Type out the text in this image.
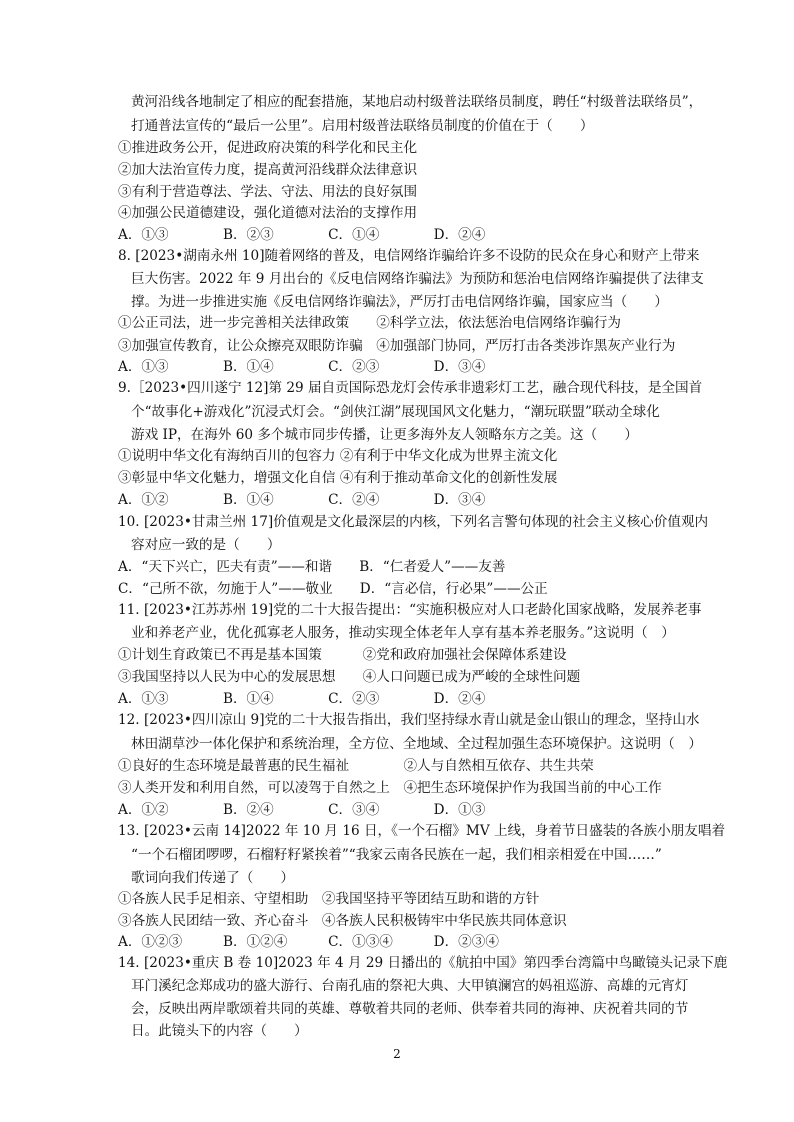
黄河沿线各地制定了相应的配套措施，某地启动村级普法联络员制度，聘任“村级普法联络员”，
打通普法宣传的“最后一公里”。启用村级普法联络员制度的价值在于（　　）
①推进政务公开，促进政府决策的科学化和民主化
②加大法治宣传力度，提高黄河沿线群众法律意识
③有利于营造尊法、学法、守法、用法的良好氛围
④加强公民道德建设，强化道德对法治的支撑作用
A．①③　　　　B．②③　　　　C．①④　　　　D．②④
8. [2023•湖南永州 10]随着网络的普及，电信网络诈骗给许多不设防的民众在身心和财产上带来
巨大伤害。2022 年 9 月出台的《反电信网络诈骗法》为预防和惩治电信网络诈骗提供了法律支
撑。为进一步推进实施《反电信网络诈骗法》，严厉打击电信网络诈骗，国家应当（　　）
①公正司法，进一步完善相关法律政策　　②科学立法，依法惩治电信网络诈骗行为
③加强宣传教育，让公众擦亮双眼防诈骗　④加强部门协同，严厉打击各类涉诈黑灰产业行为
A．①③　　　　B．①④　　　　C．②③　　　　D．③④
9.［2023•四川遂宁 12]第 29 届自贡国际恐龙灯会传承非遗彩灯工艺，融合现代科技，是全国首
个“故事化+游戏化”沉浸式灯会。“剑侠江湖”展现国风文化魅力，“潮玩联盟”联动全球化
游戏 IP，在海外 60 多个城市同步传播，让更多海外友人领略东方之美。这（　　）
①说明中华文化有海纳百川的包容力 ②有利于中华文化成为世界主流文化
③彰显中华文化魅力，增强文化自信 ④有利于推动革命文化的创新性发展
A．①②　　　　B．①④　　　　C．②④　　　　D．③④
10. [2023•甘肃兰州 17]价值观是文化最深层的内核，下列名言警句体现的社会主义核心价值观内
容对应一致的是（　　）
A．“天下兴亡，匹夫有责”——和谐　　B．“仁者爱人”——友善
C．“己所不欲，勿施于人”——敬业　　D．“言必信，行必果”——公正
11. [2023•江苏苏州 19]党的二十大报告提出：“实施积极应对人口老龄化国家战略，发展养老事
业和养老产业，优化孤寡老人服务，推动实现全体老年人享有基本养老服务。”这说明（　）
①计划生育政策已不再是基本国策　　　②党和政府加强社会保障体系建设
③我国坚持以人民为中心的发展思想　　④人口问题已成为严峻的全球性问题
A．①③　　　　B．①④　　　　C．②③　　　　D．②④
12. [2023•四川凉山 9]党的二十大报告指出，我们坚持绿水青山就是金山银山的理念，坚持山水
林田湖草沙一体化保护和系统治理，全方位、全地域、全过程加强生态环境保护。这说明（　）
①良好的生态环境是最普惠的民生福祉　　　　②人与自然相互依存、共生共荣
③人类开发和利用自然，可以凌驾于自然之上　④把生态环境保护作为我国当前的中心工作
A．①②　　　　B．②④　　　　C．③④　　　　D．①③
13. [2023•云南 14]2022 年 10 月 16 日，《一个石榴》MV 上线，身着节日盛装的各族小朋友唱着
“一个石榴团啰啰，石榴籽籽紧挨着”“我家云南各民族在一起，我们相亲相爱在中国……”
歌词向我们传递了（　　）
①各族人民手足相亲、守望相助　②我国坚持平等团结互助和谐的方针
③各族人民团结一致、齐心奋斗　④各族人民积极铸牢中华民族共同体意识
A．①②③　　　B．①②④　　　C．①③④　　　D．②③④
14. [2023•重庆 B 卷 10]2023 年 4 月 29 日播出的《航拍中国》第四季台湾篇中鸟瞰镜头记录下鹿
耳门溪纪念郑成功的盛大游行、台南孔庙的祭祀大典、大甲镇澜宫的妈祖巡游、高雄的元宵灯
会，反映出两岸歌颂着共同的英雄、尊敬着共同的老师、供奉着共同的海神、庆祝着共同的节
日。此镜头下的内容（　　）
2
